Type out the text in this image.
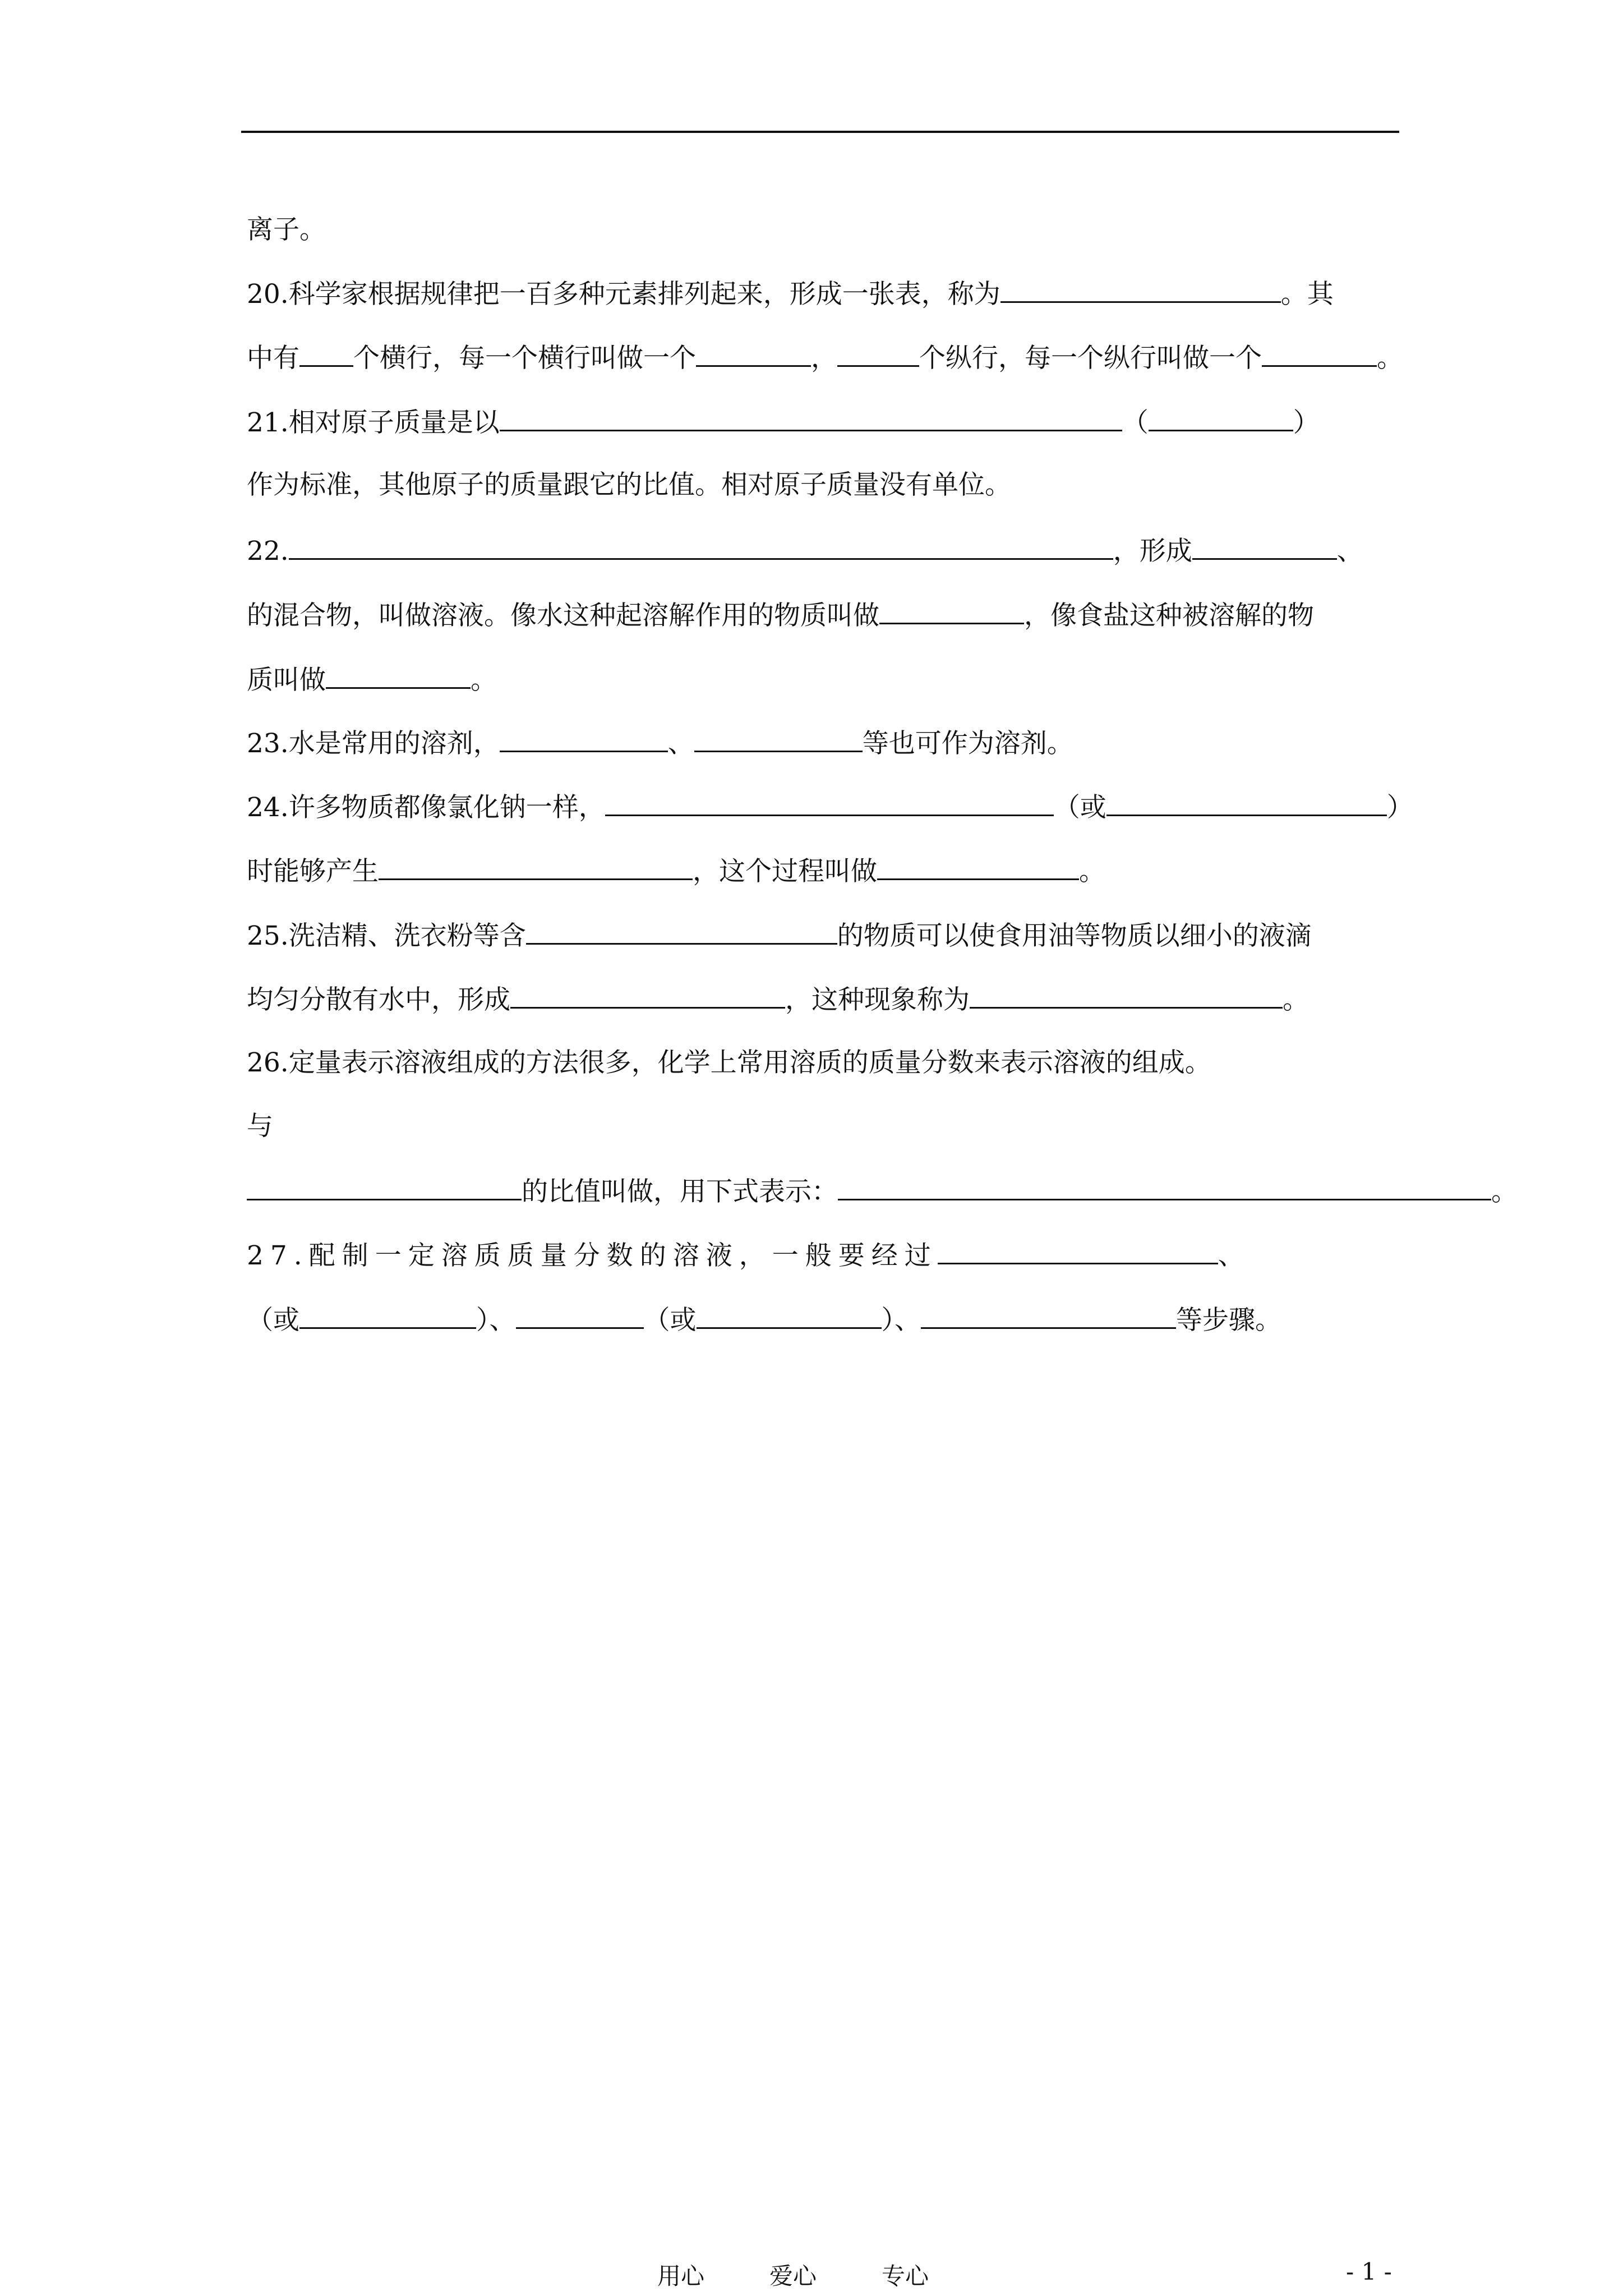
离子。
20.科学家根据规律把一百多种元素排列起来，形成一张表，称为	。其
中有 个横行，每一个横行叫做一个	，	个纵行，每一个纵行叫做一个	。
21.相对原子质量是以	（	）
作为标准，其他原子的质量跟它的比值。相对原子质量没有单位。
22.	，形成	、
的混合物，叫做溶液。像水这种起溶解作用的物质叫做	，像食盐这种被溶解的物
质叫做	。
23.水是常用的溶剂，	、	等也可作为溶剂。
24.许多物质都像氯化钠一样，	（或	）
时能够产生	，这个过程叫做	。
25.洗洁精、洗衣粉等含	的物质可以使食用油等物质以细小的液滴
均匀分散有水中，形成	，这种现象称为	。
26.定量表示溶液组成的方法很多，化学上常用溶质的质量分数来表示溶液的组成。
与
的比值叫做，用下式表示：	。
27.配制一定溶质质量分数的溶液，一般要经过	、
（或	）、	（或	）、	等步骤。
用心	爱心	专心	- 1 -
